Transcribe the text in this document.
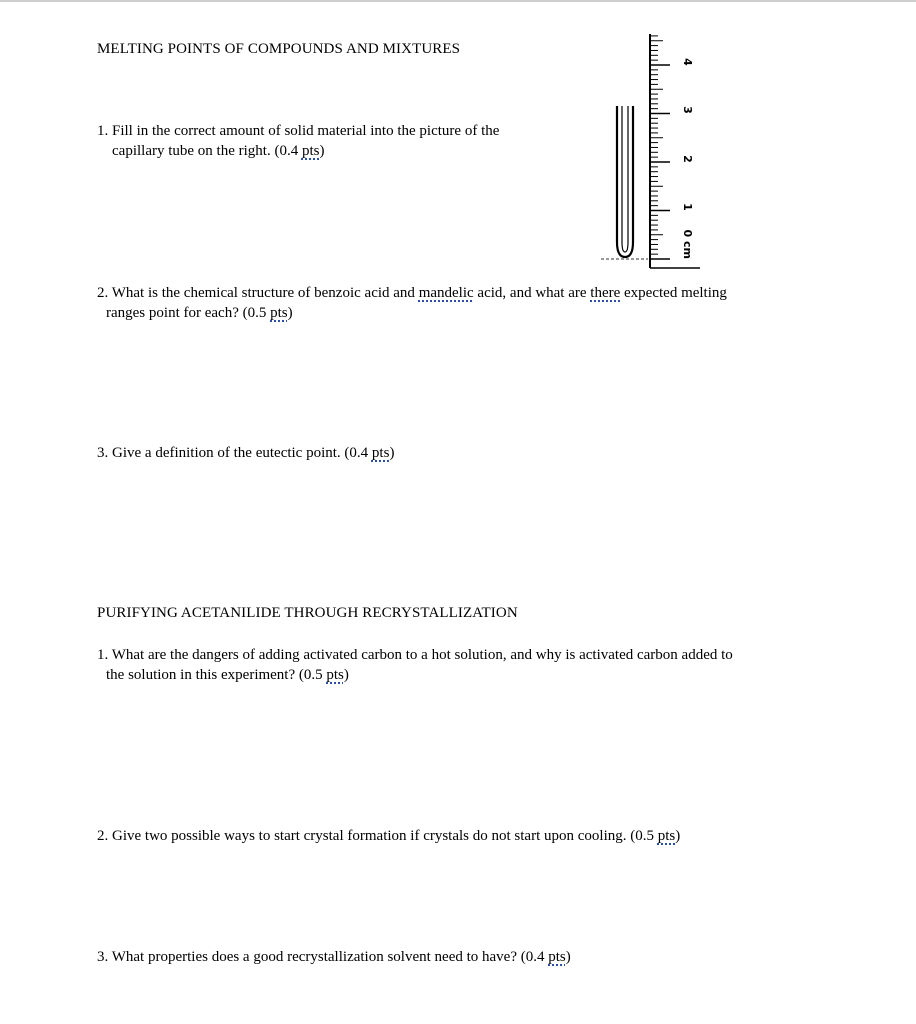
MELTING POINTS OF COMPOUNDS AND MIXTURES
1. Fill in the correct amount of solid material into the picture of the
capillary tube on the right. (0.4 pts)
2. What is the chemical structure of benzoic acid and mandelic acid, and what are there expected melting
ranges point for each? (0.5 pts)
3. Give a definition of the eutectic point. (0.4 pts)
PURIFYING ACETANILIDE THROUGH RECRYSTALLIZATION
1. What are the dangers of adding activated carbon to a hot solution, and why is activated carbon added to
the solution in this experiment? (0.5 pts)
2. Give two possible ways to start crystal formation if crystals do not start upon cooling. (0.5 pts)
3. What properties does a good recrystallization solvent need to have? (0.4 pts)
0 cm
1
2
3
4
